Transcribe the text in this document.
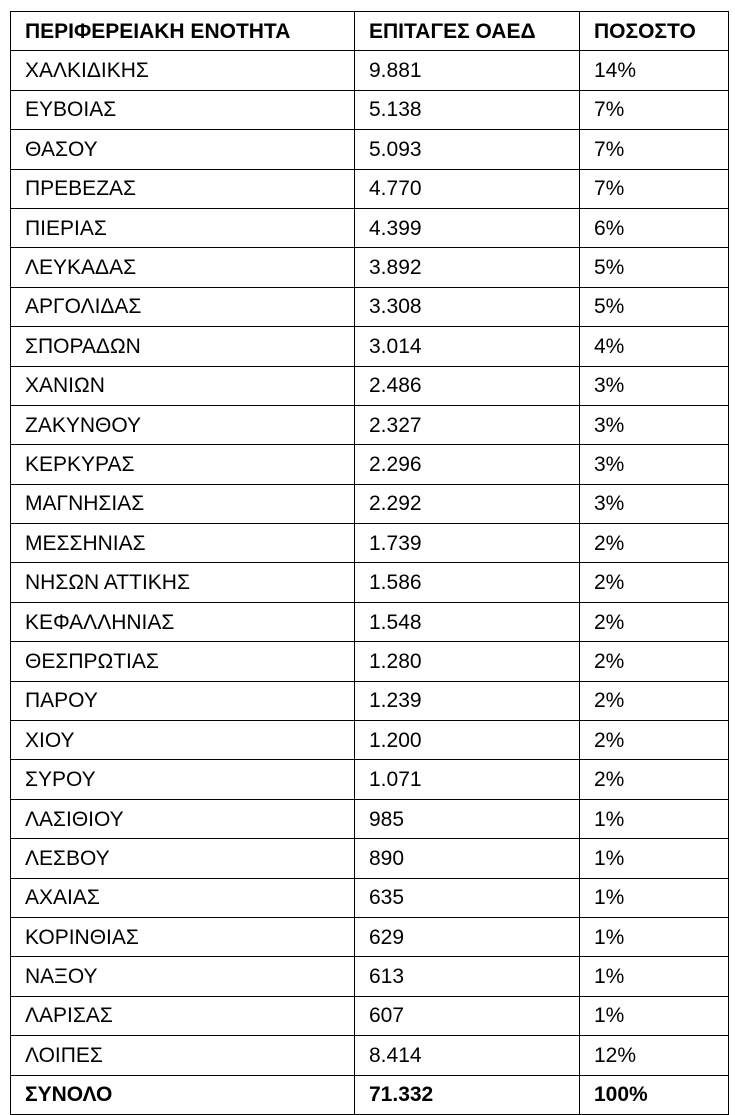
ΠΕΡΙΦΕΡΕΙΑΚΗ ΕΝΟΤΗΤΑ	ΕΠΙΤΑΓΕΣ ΟΑΕΔ	ΠΟΣΟΣΤΟ
ΧΑΛΚΙΔΙΚΗΣ	9.881	14%
ΕΥΒΟΙΑΣ	5.138	7%
ΘΑΣΟΥ	5.093	7%
ΠΡΕΒΕΖΑΣ	4.770	7%
ΠΙΕΡΙΑΣ	4.399	6%
ΛΕΥΚΑΔΑΣ	3.892	5%
ΑΡΓΟΛΙΔΑΣ	3.308	5%
ΣΠΟΡΑΔΩΝ	3.014	4%
ΧΑΝΙΩΝ	2.486	3%
ΖΑΚΥΝΘΟΥ	2.327	3%
ΚΕΡΚΥΡΑΣ	2.296	3%
ΜΑΓΝΗΣΙΑΣ	2.292	3%
ΜΕΣΣΗΝΙΑΣ	1.739	2%
ΝΗΣΩΝ ΑΤΤΙΚΗΣ	1.586	2%
ΚΕΦΑΛΛΗΝΙΑΣ	1.548	2%
ΘΕΣΠΡΩΤΙΑΣ	1.280	2%
ΠΑΡΟΥ	1.239	2%
ΧΙΟΥ	1.200	2%
ΣΥΡΟΥ	1.071	2%
ΛΑΣΙΘΙΟΥ	985	1%
ΛΕΣΒΟΥ	890	1%
ΑΧΑΙΑΣ	635	1%
ΚΟΡΙΝΘΙΑΣ	629	1%
ΝΑΞΟΥ	613	1%
ΛΑΡΙΣΑΣ	607	1%
ΛΟΙΠΕΣ	8.414	12%
ΣΥΝΟΛΟ	71.332	100%
